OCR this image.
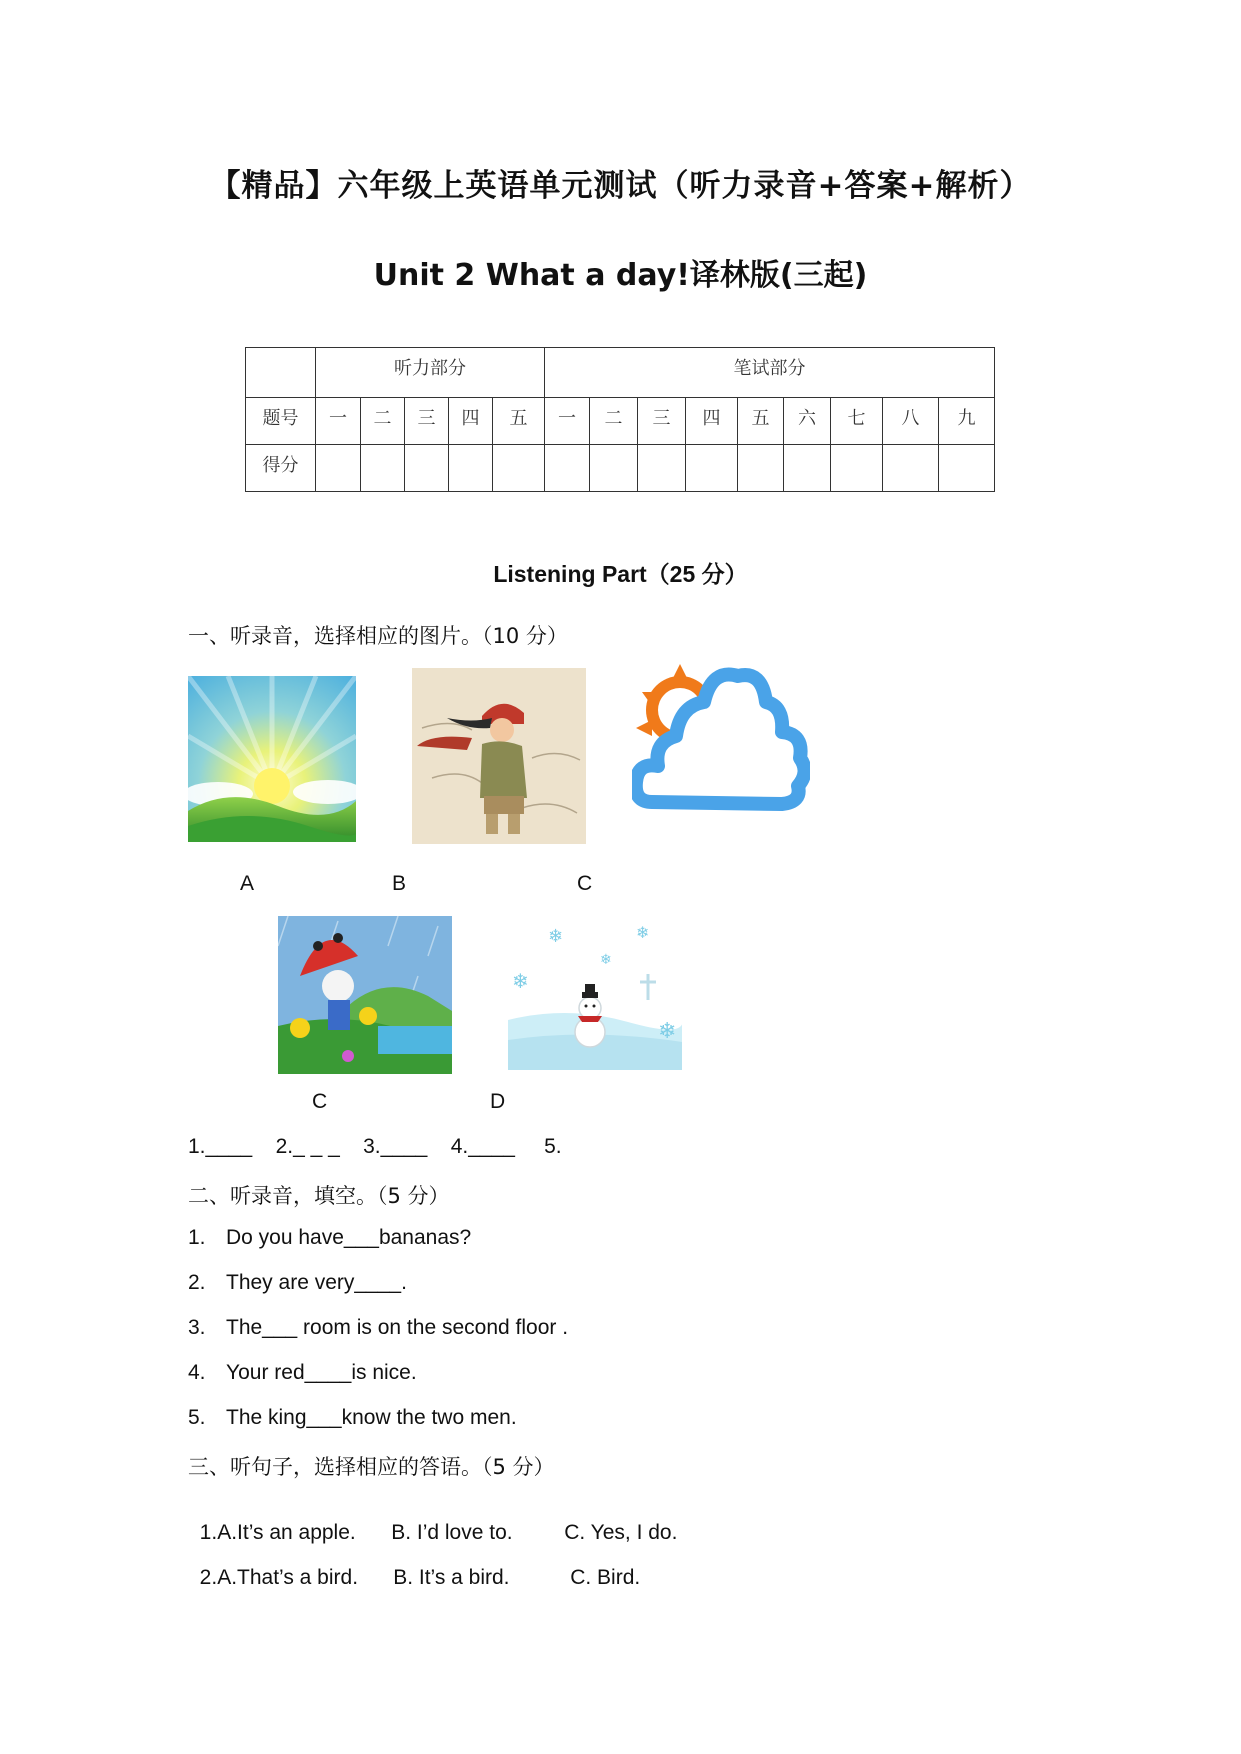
【精品】六年级上英语单元测试（听力录音+答案+解析）
Unit 2 What a day!译林版(三起)
	听力部分					笔试部分								
题号	一	二	三	四	五	一	二	三	四	五	六	七	八	九
得分														
Listening Part（25 分）
一、听录音，选择相应的图片。（10 分）
A	B	C
❄	❄
❄
❄
❄
C	D
1.____    2._ _ _    3.____    4.____     5.
二、听录音，填空。（5 分）
1. Do you have___bananas?
2. They are very____.
3. The___ room is on the second floor .
4. Your red____is nice.
5. The king___know the two men.
三、听句子，选择相应的答语。（5 分）

1.A.It’s an apple. B. I’d love to. C. Yes, I do.

2.A.That’s a bird. B. It’s a bird.	C. Bird.
